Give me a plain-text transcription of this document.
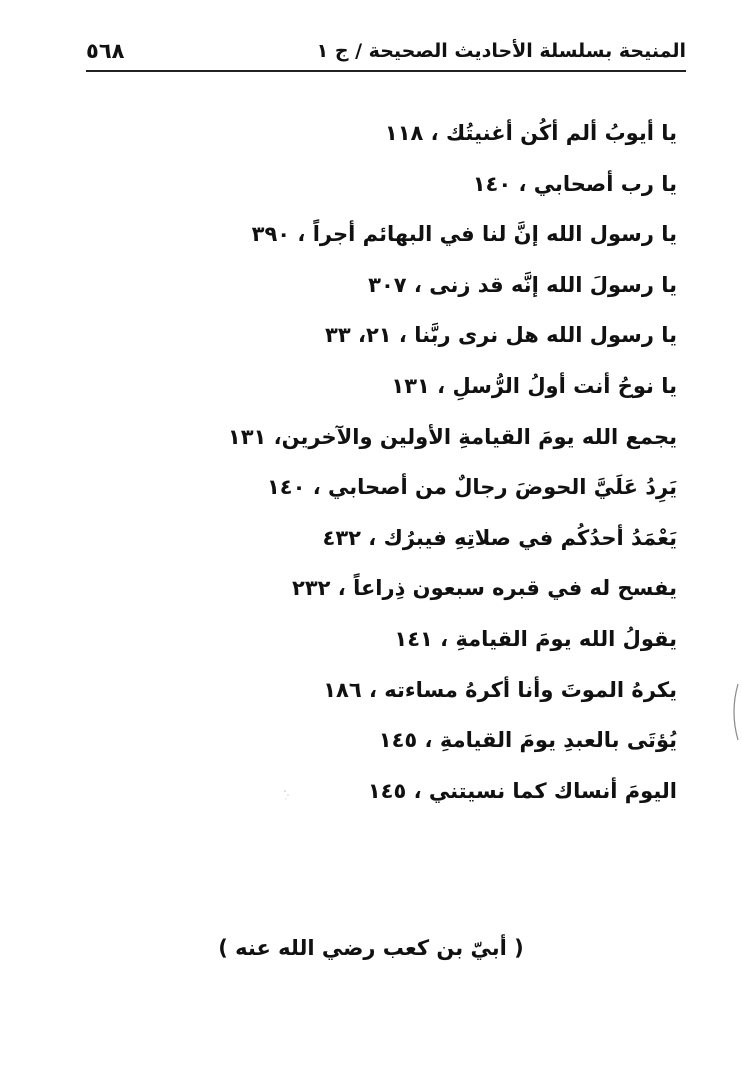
المنيحة بسلسلة الأحاديث الصحيحة / ج ١
٥٦٨
يا أيوبُ ألم أكُن أغنيتُك ، ١١٨
يا رب أصحابي ، ١٤٠
يا رسول الله إنَّ لنا في البهائم أجراً ، ٣٩٠
يا رسولَ الله إنَّه قد زنى ، ٣٠٧
يا رسول الله هل نرى ربَّنا ، ٢١، ٣٣
يا نوحُ أنت أولُ الرُّسلِ ، ١٣١
يجمع الله يومَ القيامةِ الأولين والآخرين، ١٣١
يَرِدُ عَلَيَّ الحوضَ رجالٌ من أصحابي ، ١٤٠
يَعْمَدُ أحدُكُم في صلاتِهِ فيبرُك ، ٤٣٢
يفسح له في قبره سبعون ذِراعاً ، ٢٣٢
يقولُ الله يومَ القيامةِ ، ١٤١
يكرهُ الموتَ وأنا أكرهُ مساءته ، ١٨٦
يُؤتَى بالعبدِ يومَ القيامةِ ، ١٤٥
اليومَ أنساك كما نسيتني ، ١٤٥
( أبيّ بن كعب رضي الله عنه )
